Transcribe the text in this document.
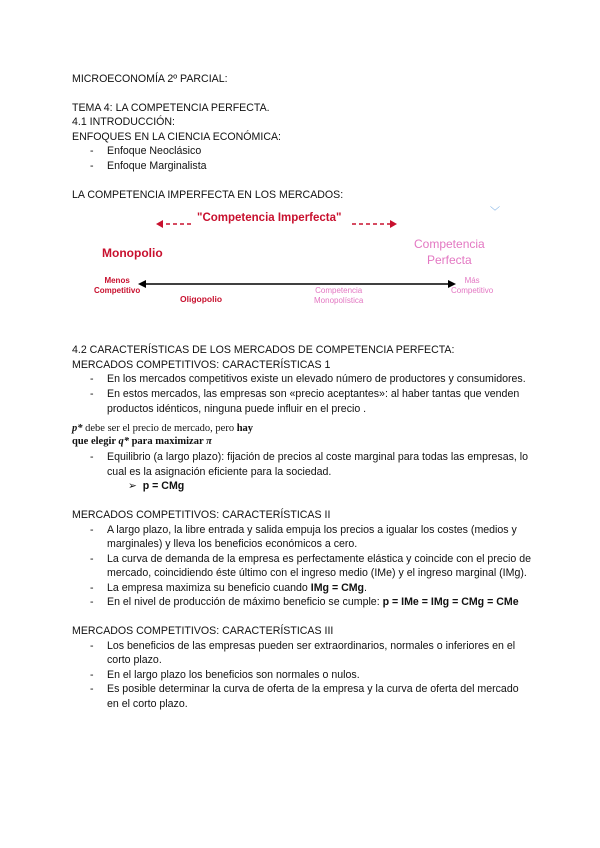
MICROECONOMÍA 2º PARCIAL:
TEMA 4: LA COMPETENCIA PERFECTA.
4.1 INTRODUCCIÓN:
ENFOQUES EN LA CIENCIA ECONÓMICA:
- Enfoque Neoclásico
- Enfoque Marginalista
LA COMPETENCIA IMPERFECTA EN LOS MERCADOS:
"Competencia Imperfecta"	﹀
Monopolio
Competencia
Perfecta
Menos
Competitivo
Más
Competitivo
Oligopolio
Competencia
Monopolística
4.2 CARACTERÍSTICAS DE LOS MERCADOS DE COMPETENCIA PERFECTA:
MERCADOS COMPETITIVOS: CARACTERÍSTICAS 1
- En los mercados competitivos existe un elevado número de productores y consumidores.
- En estos mercados, las empresas son «precio aceptantes»: al haber tantas que venden productos idénticos, ninguna puede influir en el precio .
p* debe ser el precio de mercado, pero hay
que elegir q* para maximizar π
- Equilibrio (a largo plazo): fijación de precios al coste marginal para todas las empresas, lo cual es la asignación eficiente para la sociedad.
➢  p = CMg
MERCADOS COMPETITIVOS: CARACTERÍSTICAS II
- A largo plazo, la libre entrada y salida empuja los precios a igualar los costes (medios y marginales) y lleva los beneficios económicos a cero.
- La curva de demanda de la empresa es perfectamente elástica y coincide con el precio de mercado, coincidiendo éste último con el ingreso medio (IMe) y el ingreso marginal (IMg).
- La empresa maximiza su beneficio cuando IMg = CMg.
- En el nivel de producción de máximo beneficio se cumple: p = IMe = IMg = CMg = CMe
MERCADOS COMPETITIVOS: CARACTERÍSTICAS III
- Los beneficios de las empresas pueden ser extraordinarios, normales o inferiores en el corto plazo.
- En el largo plazo los beneficios son normales o nulos.
- Es posible determinar la curva de oferta de la empresa y la curva de oferta del mercado en el corto plazo.
